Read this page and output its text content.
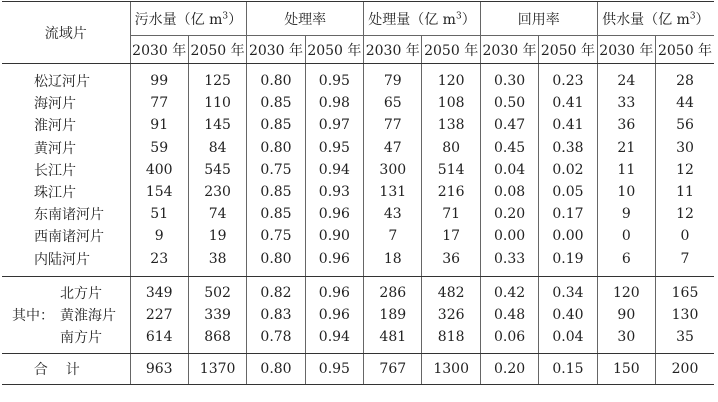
流域片	污水量（亿 $m^3$）		处理率		处理量（亿 $m^3$）		回用率		供水量（亿 $m^3$）	
	2030 年	2050 年	2030 年	2050 年	2030 年	2050 年	2030 年	2050 年	2030 年	2050 年
松辽河片	99	125	0.80	0.95	79	120	0.30	0.23	24	28
海河片	77	110	0.85	0.98	65	108	0.50	0.41	33	44
淮河片	91	145	0.85	0.97	77	138	0.47	0.41	36	56
黄河片	59	84	0.80	0.95	47	80	0.45	0.38	21	30
长江片	400	545	0.75	0.94	300	514	0.04	0.02	11	12
珠江片	154	230	0.85	0.93	131	216	0.08	0.05	10	11
东南诸河片	51	74	0.85	0.96	43	71	0.20	0.17	9	12
西南诸河片	9	19	0.75	0.90	7	17	0.00	0.00	0	0
内陆河片	23	38	0.80	0.96	18	36	0.33	0.19	6	7
北方片	349	502	0.82	0.96	286	482	0.42	0.34	120	165
其中： 黄淮海片	227	339	0.83	0.96	189	326	0.48	0.40	90	130
南方片	614	868	0.78	0.94	481	818	0.06	0.04	30	35
合计	963	1370	0.80	0.95	767	1300	0.20	0.15	150	200
